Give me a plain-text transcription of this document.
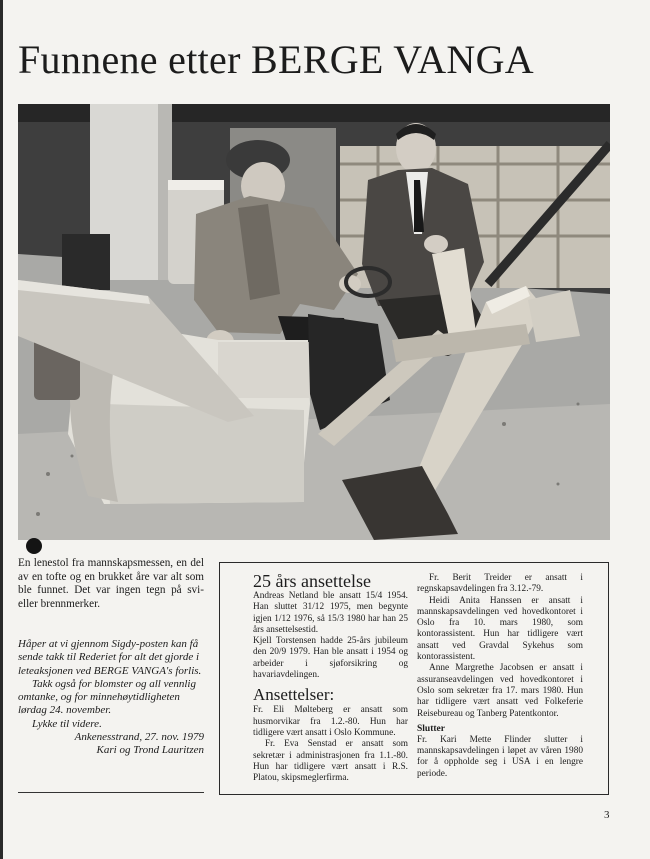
Funnene etter BERGE VANGA

En lenestol fra mannskapsmessen, en del av en tofte og en brukket åre var alt som ble funnet. Det var ingen tegn på svi- eller brennmerker.

Håper at vi gjennom Sigdy-posten kan få sende takk til Rederiet for alt det gjorde i leteaksjonen ved BERGE VANGA's forlis.

Takk også for blomster og all vennlig omtanke, og for minnehøytidligheten lørdag 24. november.

Lykke til videre.

Ankenesstrand, 27. nov. 1979

Kari og Trond Lauritzen

25 års ansettelse

Andreas Netland ble ansatt 15/4 1954. Han sluttet 31/12 1975, men begynte igjen 1/12 1976, så 15/3 1980 har han 25 års ansettelsestid.

Kjell Torstensen hadde 25-års jubileum den 20/9 1979. Han ble ansatt i 1954 og arbeider i sjøforsikring og havariavdelingen.

Ansettelser:

Fr. Eli Mølteberg er ansatt som husmorvikar fra 1.2.-80. Hun har tidligere vært ansatt i Oslo Kommune.

Fr. Eva Senstad er ansatt som sekretær i administrasjonen fra 1.1.-80. Hun har tidligere vært ansatt i R.S. Platou, skipsmeglerfirma.

Fr. Berit Treider er ansatt i regnskapsavdelingen fra 3.12.-79.

Heidi Anita Hanssen er ansatt i mannskapsavdelingen ved hovedkontoret i Oslo fra 10. mars 1980, som kontorassistent. Hun har tidligere vært ansatt ved Gravdal Sykehus som kontorassistent.

Anne Margrethe Jacobsen er ansatt i assuranseavdelingen ved hovedkontoret i Oslo som sekretær fra 17. mars 1980. Hun har tidligere vært ansatt ved Folkeferie Reisebureau og Tanberg Patentkontor.

Slutter

Fr. Kari Mette Flinder slutter i mannskapsavdelingen i løpet av våren 1980 for å oppholde seg i USA i en lengre periode.

3
